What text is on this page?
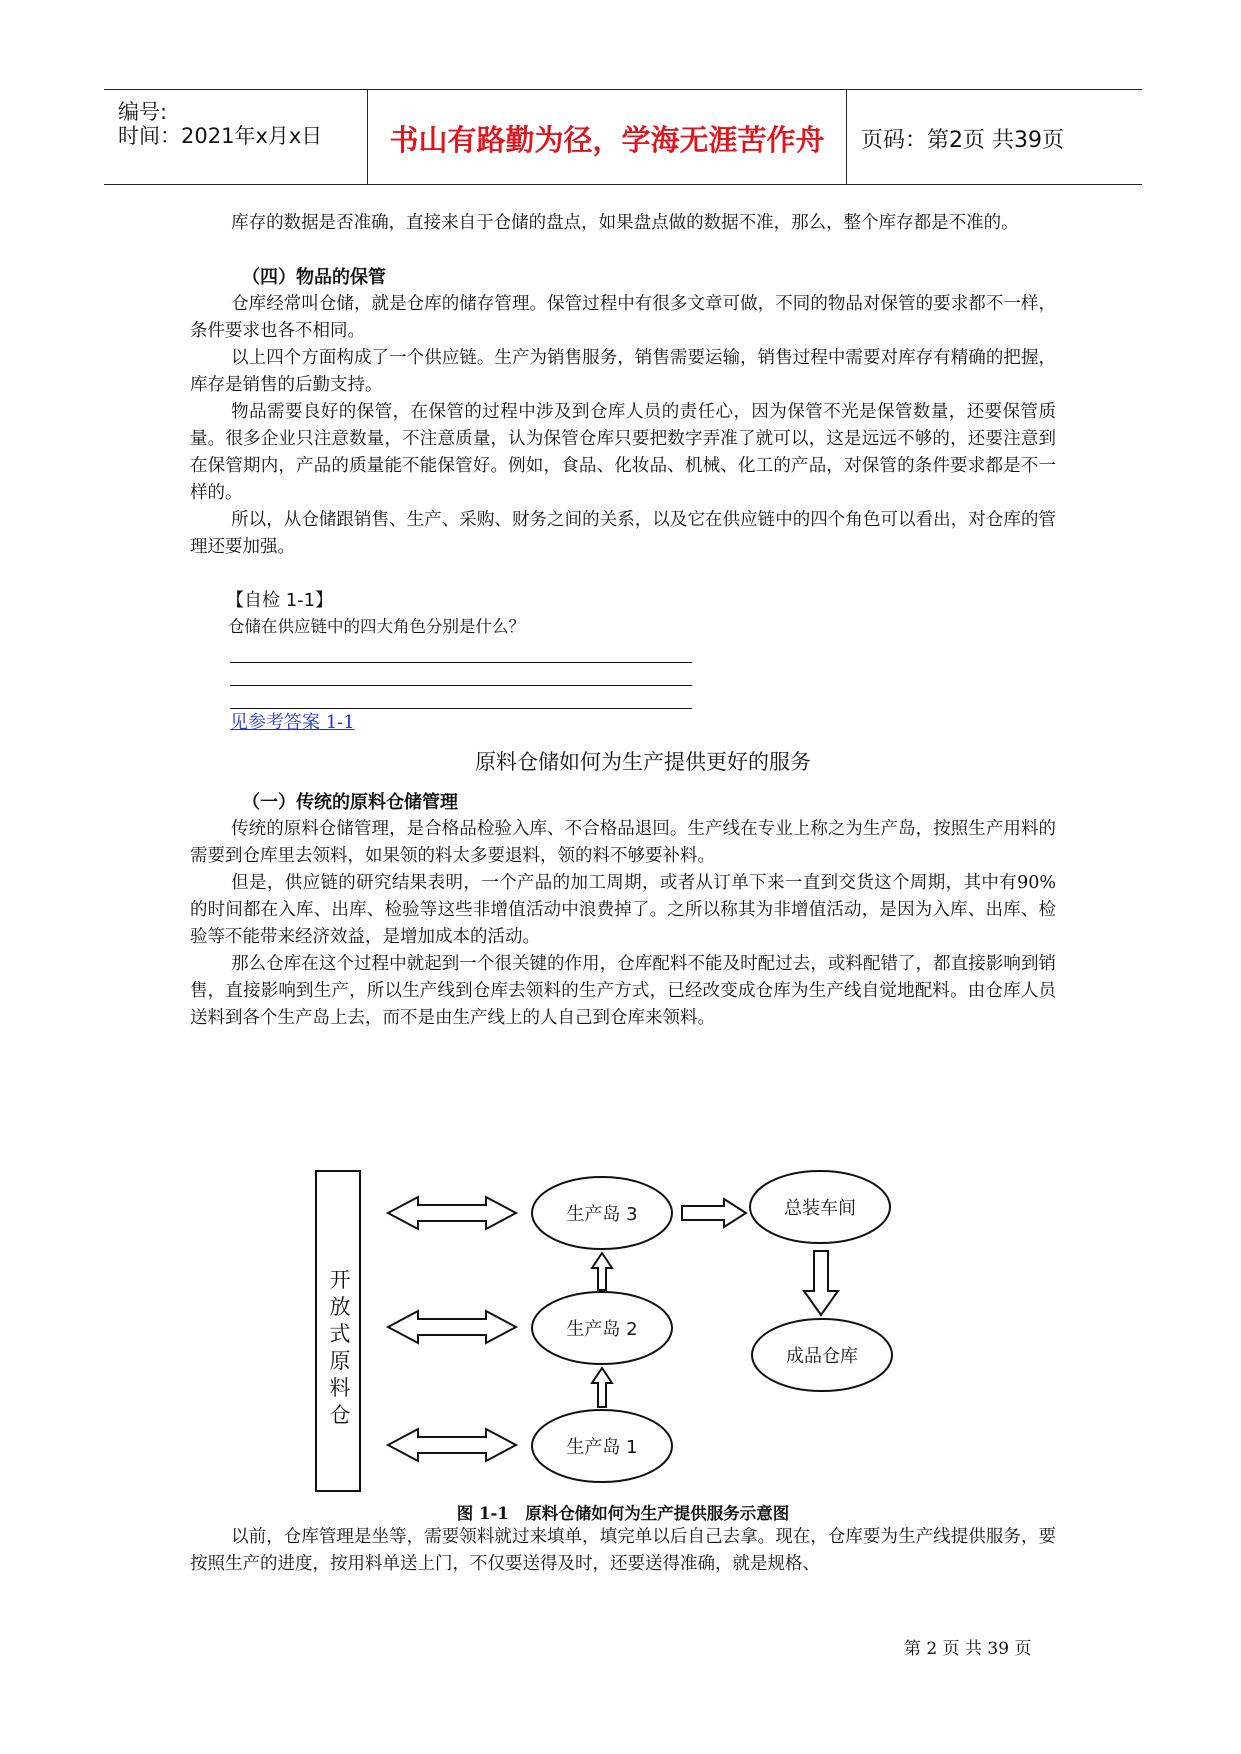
编号:
时间：2021年x月x日	书山有路勤为径，学海无涯苦作舟	页码：第2页 共39页

库存的数据是否准确，直接来自于仓储的盘点，如果盘点做的数据不准，那么，整个库存都是不准的。

（四）物品的保管

仓库经常叫仓储，就是仓库的储存管理。保管过程中有很多文章可做，不同的物品对保管的要求都不一样，条件要求也各不相同。

以上四个方面构成了一个供应链。生产为销售服务，销售需要运输，销售过程中需要对库存有精确的把握，库存是销售的后勤支持。

物品需要良好的保管，在保管的过程中涉及到仓库人员的责任心，因为保管不光是保管数量，还要保管质量。很多企业只注意数量，不注意质量，认为保管仓库只要把数字弄准了就可以，这是远远不够的，还要注意到在保管期内，产品的质量能不能保管好。例如，食品、化妆品、机械、化工的产品，对保管的条件要求都是不一样的。

所以，从仓储跟销售、生产、采购、财务之间的关系，以及它在供应链中的四个角色可以看出，对仓库的管理还要加强。

【自检 1-1】
仓储在供应链中的四大角色分别是什么？
见参考答案 1-1
原料仓储如何为生产提供更好的服务
（一）传统的原料仓储管理

传统的原料仓储管理，是合格品检验入库、不合格品退回。生产线在专业上称之为生产岛，按照生产用料的需要到仓库里去领料，如果领的料太多要退料，领的料不够要补料。

但是，供应链的研究结果表明，一个产品的加工周期，或者从订单下来一直到交货这个周期，其中有90%的时间都在入库、出库、检验等这些非增值活动中浪费掉了。之所以称其为非增值活动，是因为入库、出库、检验等不能带来经济效益，是增加成本的活动。

那么仓库在这个过程中就起到一个很关键的作用，仓库配料不能及时配过去，或料配错了，都直接影响到销售，直接影响到生产，所以生产线到仓库去领料的生产方式，已经改变成仓库为生产线自觉地配料。由仓库人员送料到各个生产岛上去，而不是由生产线上的人自己到仓库来领料。

开放式原料仓
生产岛 3
生产岛 2
生产岛 1
总装车间
成品仓库
图 1-1　原料仓储如何为生产提供服务示意图

以前，仓库管理是坐等，需要领料就过来填单，填完单以后自己去拿。现在，仓库要为生产线提供服务，要按照生产的进度，按用料单送上门，不仅要送得及时，还要送得准确，就是规格、

第 2 页 共 39 页
